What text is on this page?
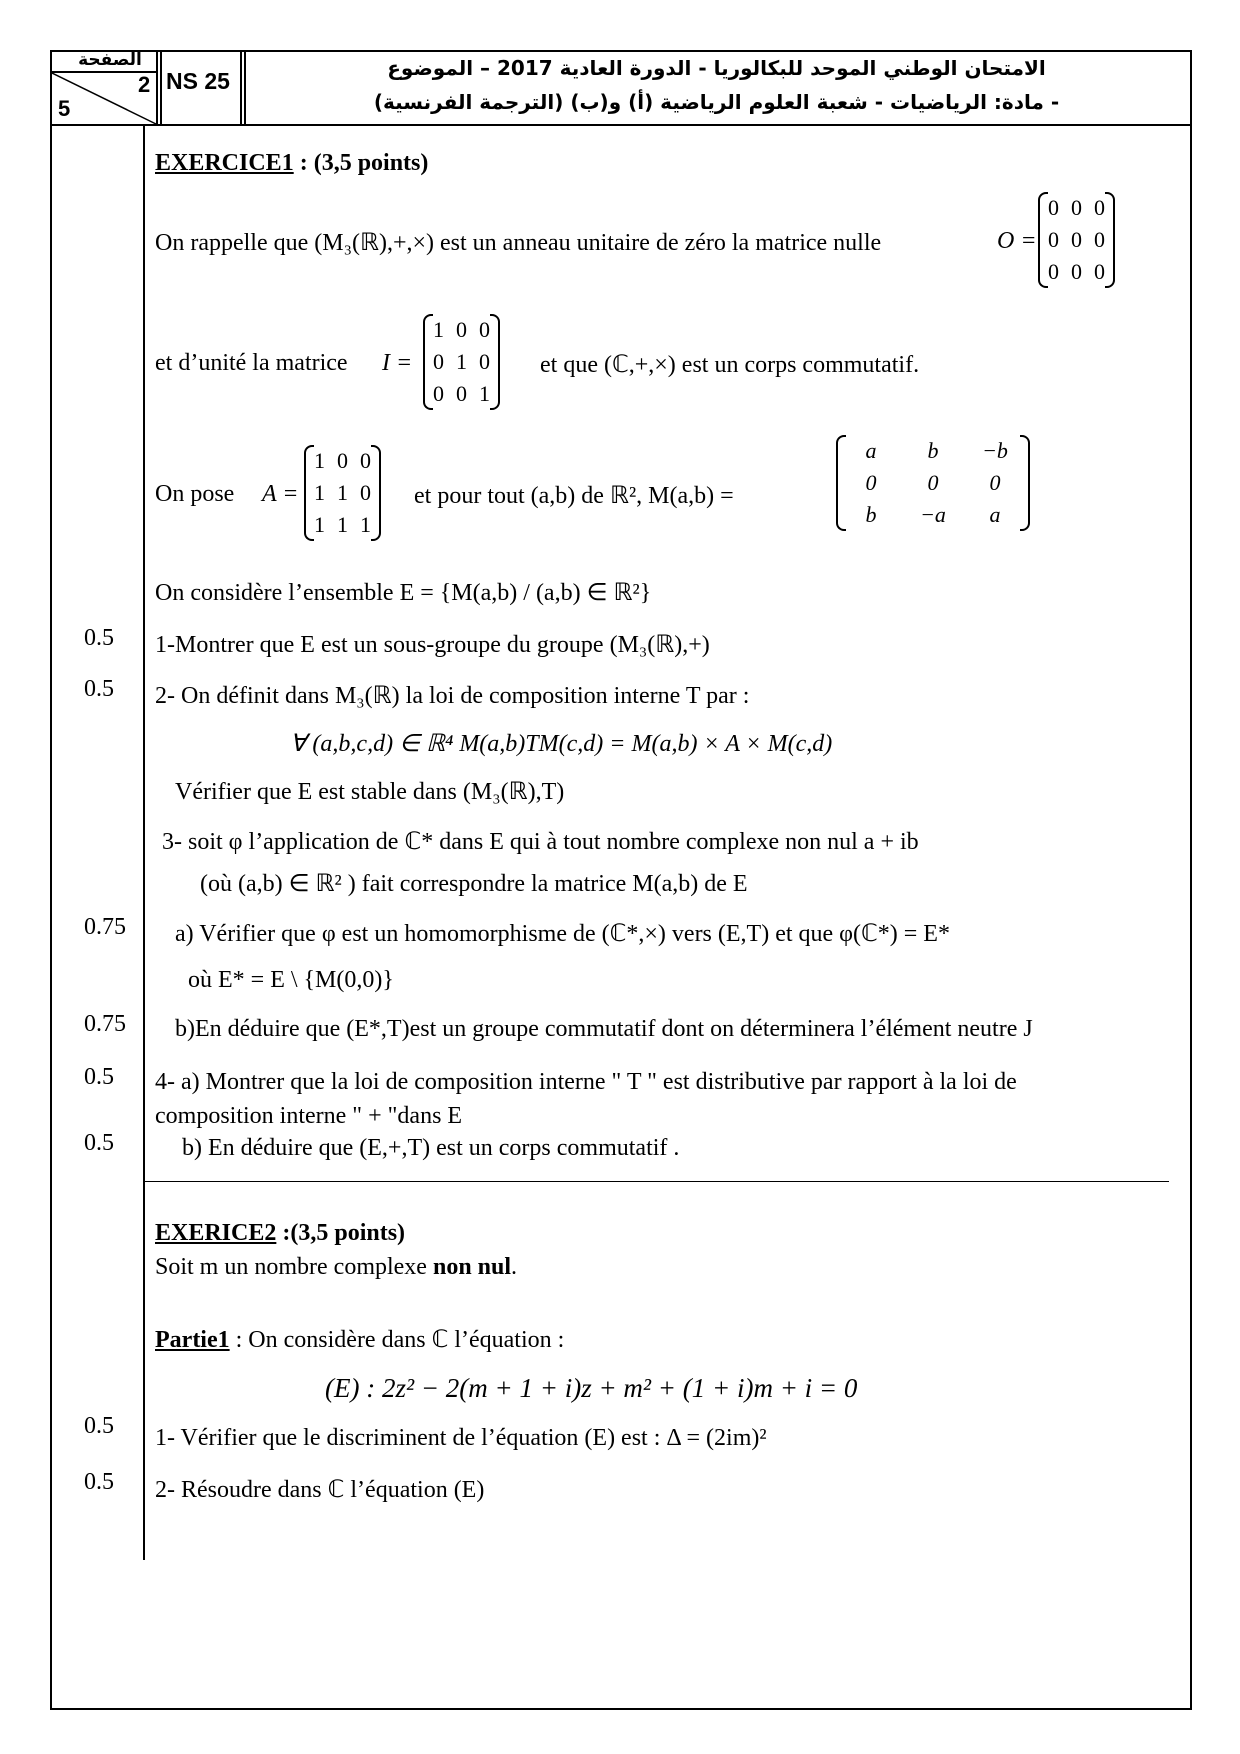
الصفحة
2
5
NS 25	الامتحان الوطني الموحد للبكالوريا - الدورة العادية 2017 – الموضوع
- مادة: الرياضيات - شعبة العلوم الرياضية (أ) و(ب) (الترجمة الفرنسية)
0.5
0.5
0.75
0.75
0.5
0.5
0.5
0.5
EXERCICE1 : (3,5 points)
On rappelle que (M₃(ℝ),+,×) est un anneau unitaire de zéro la matrice nulle	O =
0	0	0
0	0	0
0	0	0
et d’unité la matrice I =
1	0	0
0	1	0
0	0	1
et que (ℂ,+,×) est un corps commutatif.
On pose A =
1	0	0
1	1	0
1	1	1
et pour tout (a,b) de ℝ², M(a,b) =
a	b	−b
0	0	0
b	−a	a
On considère l’ensemble E = {M(a,b) / (a,b) ∈ ℝ²}
1-Montrer que E est un sous-groupe du groupe (M₃(ℝ),+)
2- On définit dans M₃(ℝ) la loi de composition interne T par :
∀ (a,b,c,d) ∈ ℝ⁴ M(a,b)TM(c,d) = M(a,b) × A × M(c,d)
Vérifier que E est stable dans (M₃(ℝ),T)
3- soit φ l’application de ℂ* dans E qui à tout nombre complexe non nul a + ib
(où (a,b) ∈ ℝ² ) fait correspondre la matrice M(a,b) de E
a) Vérifier que φ est un homomorphisme de (ℂ*,×) vers (E,T) et que φ(ℂ*) = E*
où E* = E \ {M(0,0)}
b)En déduire que (E*,T)est un groupe commutatif dont on déterminera l’élément neutre J
4- a) Montrer que la loi de composition interne " T " est distributive par rapport à la loi de
composition interne " + "dans E
b) En déduire que (E,+,T) est un corps commutatif .
EXERICE2 :(3,5 points)
Soit m un nombre complexe non nul.
Partie1 : On considère dans ℂ l’équation :
(E) : 2z² − 2(m + 1 + i)z + m² + (1 + i)m + i = 0
1- Vérifier que le discriminent de l’équation (E) est : Δ = (2im)²
2- Résoudre dans ℂ l’équation (E)
